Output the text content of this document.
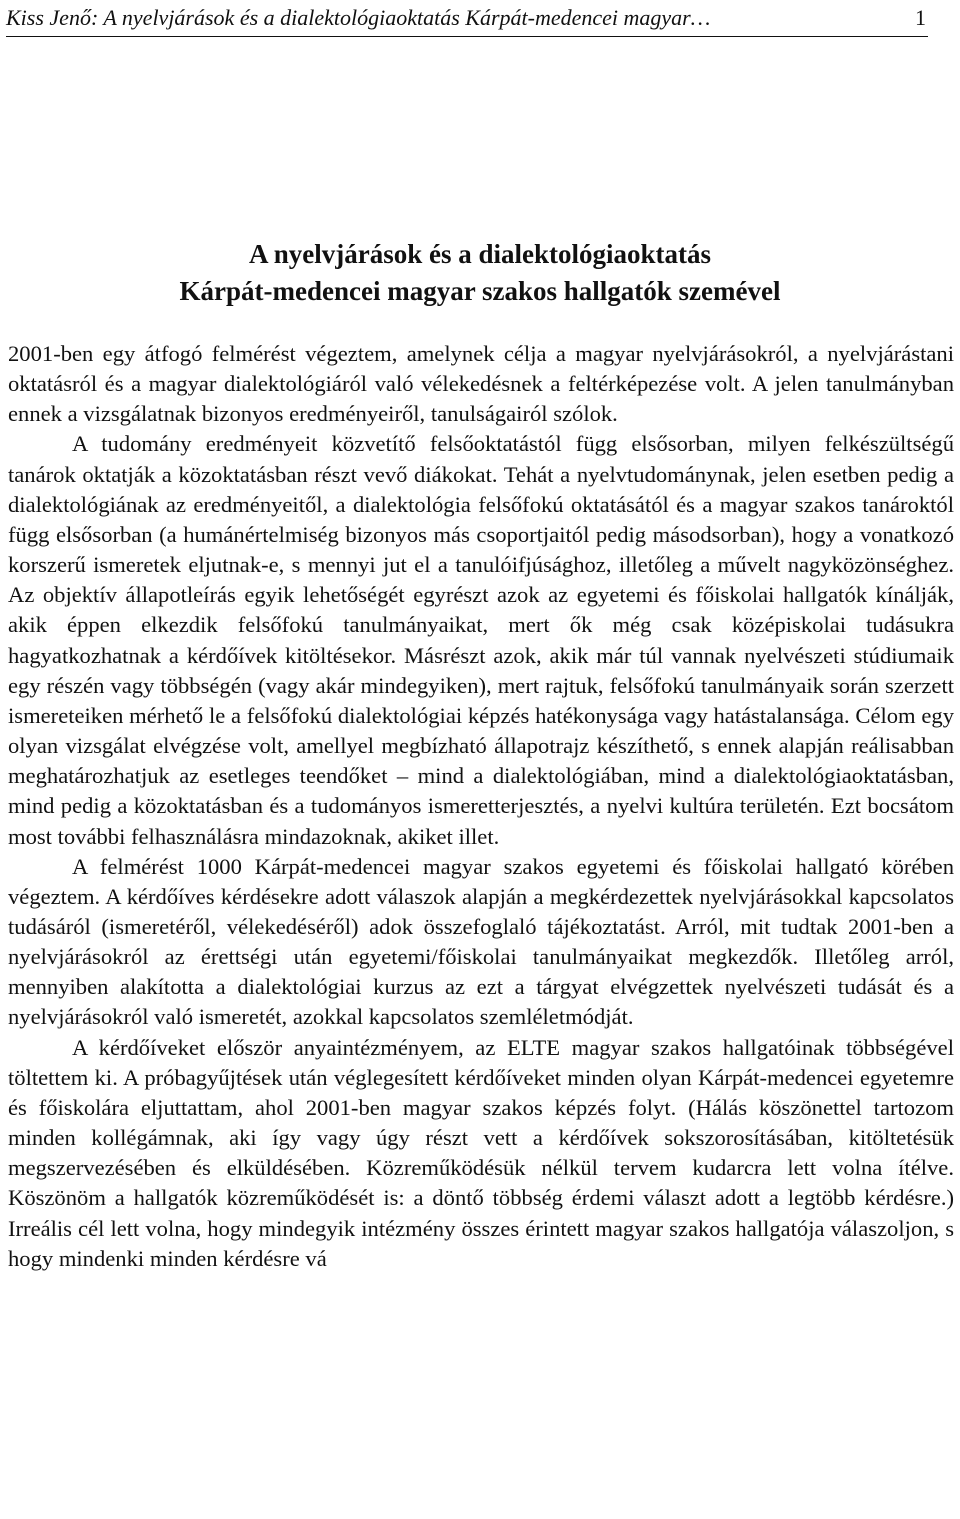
Kiss Jenő: A nyelvjárások és a dialektológiaoktatás Kárpát-medencei magyar…	1
A nyelvjárások és a dialektológiaoktatás
Kárpát-medencei magyar szakos hallgatók szemével

2001-ben egy átfogó felmérést végeztem, amelynek célja a magyar nyelvjárásokról, a nyelvjárástani oktatásról és a magyar dialektológiáról való vélekedésnek a feltérképezése volt. A jelen tanulmányban ennek a vizsgálatnak bizonyos eredményeiről, tanulságairól szólok.

A tudomány eredményeit közvetítő felsőoktatástól függ elsősorban, milyen felkészültségű tanárok oktatják a közoktatásban részt vevő diákokat. Tehát a nyelvtudománynak, jelen esetben pedig a dialektológiának az eredményeitől, a dialektológia felsőfokú oktatásától és a magyar szakos tanároktól függ elsősorban (a humánértelmiség bizonyos más csoportjaitól pedig másodsorban), hogy a vonatkozó korszerű ismeretek eljutnak-e, s mennyi jut el a tanulóifjúsághoz, illetőleg a művelt nagyközönséghez. Az objektív állapotleírás egyik lehetőségét egyrészt azok az egyetemi és főiskolai hallgatók kínálják, akik éppen elkezdik felsőfokú tanulmányaikat, mert ők még csak középiskolai tudásukra hagyatkozhatnak a kérdőívek kitöltésekor. Másrészt azok, akik már túl vannak nyelvészeti stúdiumaik egy részén vagy többségén (vagy akár mindegyiken), mert rajtuk, felsőfokú tanulmányaik során szerzett ismereteiken mérhető le a felsőfokú dialektológiai képzés hatékonysága vagy hatástalansága. Célom egy olyan vizsgálat elvégzése volt, amellyel megbízható állapotrajz készíthető, s ennek alapján reálisabban meghatározhatjuk az esetleges teendőket – mind a dialektológiában, mind a dialektológiaoktatásban, mind pedig a közoktatásban és a tudományos ismeretterjesztés, a nyelvi kultúra területén. Ezt bocsátom most további felhasználásra mindazoknak, akiket illet.

A felmérést 1000 Kárpát-medencei magyar szakos egyetemi és főiskolai hallgató körében végeztem. A kérdőíves kérdésekre adott válaszok alapján a megkérdezettek nyelvjárásokkal kapcsolatos tudásáról (ismeretéről, vélekedéséről) adok összefoglaló tájékoztatást. Arról, mit tudtak 2001-ben a nyelvjárásokról az érettségi után egyetemi/főiskolai tanulmányaikat megkezdők. Illetőleg arról, mennyiben alakította a dialektológiai kurzus az ezt a tárgyat elvégzettek nyelvészeti tudását és a nyelvjárásokról való ismeretét, azokkal kapcsolatos szemléletmódját.

A kérdőíveket először anyaintézményem, az ELTE magyar szakos hallgatóinak többségével töltettem ki. A próbagyűjtések után véglegesített kérdőíveket minden olyan Kárpát-medencei egyetemre és főiskolára eljuttattam, ahol 2001-ben magyar szakos képzés folyt. (Hálás köszönettel tartozom minden kollégámnak, aki így vagy úgy részt vett a kérdőívek sokszorosításában, kitöltetésük megszervezésében és elküldésében. Közreműködésük nélkül tervem kudarcra lett volna ítélve. Köszönöm a hallgatók közreműködését is: a döntő többség érdemi választ adott a legtöbb kérdésre.) Irreális cél lett volna, hogy mindegyik intézmény összes érintett magyar szakos hallgatója válaszoljon, s hogy mindenki minden kérdésre vá
